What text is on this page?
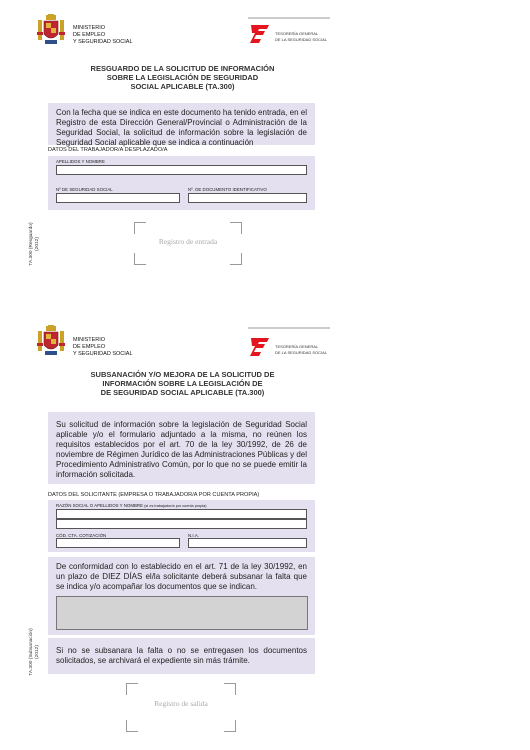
MINISTERIO
DE EMPLEO
Y SEGURIDAD SOCIAL
TESORERÍA GENERAL
DE LA SEGURIDAD SOCIAL
RESGUARDO DE LA SOLICITUD DE INFORMACIÓN
SOBRE LA LEGISLACIÓN DE SEGURIDAD
SOCIAL APLICABLE (TA.300)

Con la fecha que se indica en este documento ha tenido entrada, en el Registro de esta Dirección General/Provincial o Administración de la Seguridad Social, la solicitud de información sobre la legislación de Seguridad Social aplicable que se indica a continuación

DATOS DEL TRABAJADOR/A DESPLAZADO/A
APELLIDOS Y NOMBRE
Nº DE SEGURIDAD SOCIAL	Nº. DE DOCUMENTO IDENTIFICATIVO
Registro de entrada
TA.300 (Resguardo) (2012)
MINISTERIO
DE EMPLEO
Y SEGURIDAD SOCIAL
TESORERÍA GENERAL
DE LA SEGURIDAD SOCIAL
SUBSANACIÓN Y/O MEJORA DE LA SOLICITUD DE
INFORMACIÓN SOBRE LA LEGISLACIÓN DE
DE SEGURIDAD SOCIAL APLICABLE (TA.300)

Su solicitud de información sobre la legislación de Seguridad Social aplicable y/o el formulario adjuntado a la misma, no reúnen los requisitos establecidos por el art. 70 de la ley 30/1992, de 26 de noviembre de Régimen Jurídico de las Administraciones Públicas y del Procedimiento Administrativo Común, por lo que no se puede emitir la información solicitada.

DATOS DEL SOLICITANTE (EMPRESA O TRABAJADOR/A POR CUENTA PROPIA)
RAZÓN SOCIAL O APELLIDOS Y NOMBRE (si es trabajador/a por cuenta propia)
CÓD. CTA. COTIZACIÓN	N.I.A.

De conformidad con lo establecido en el art. 71 de la ley 30/1992, en un plazo de DIEZ DÍAS el/la solicitante deberá subsanar la falta que se indica y/o acompañar los documentos que se indican.

Si no se subsanara la falta o no se entregasen los documentos solicitados, se archivará el expediente sin más trámite.

Registro de salida
TA.300 (Subsanación) (2012)
